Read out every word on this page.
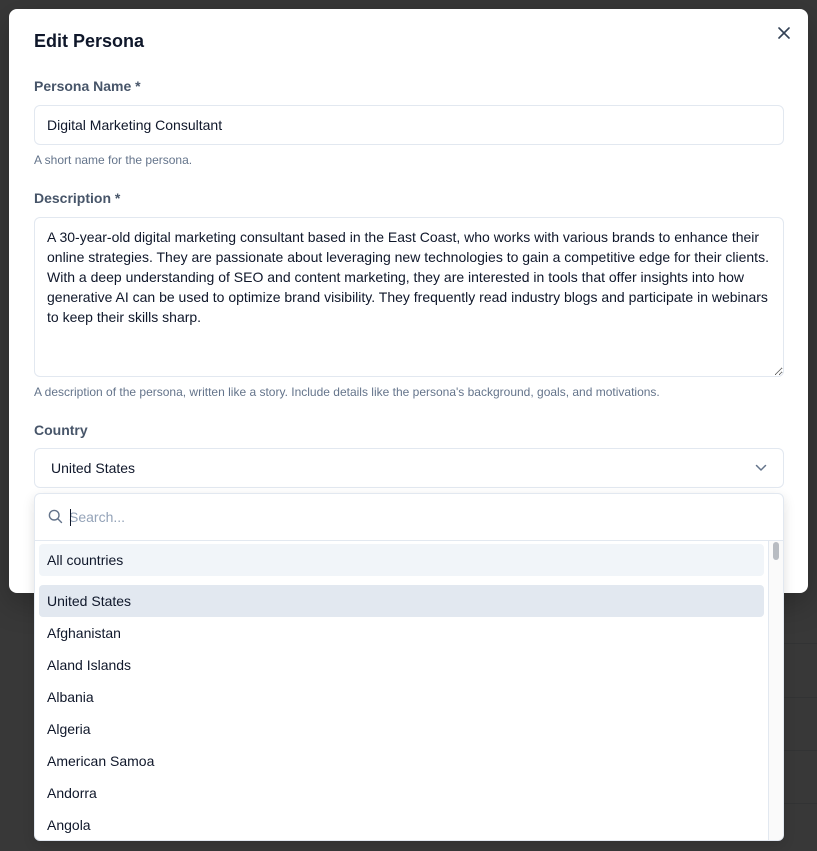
Edit Persona
Persona Name *
Digital Marketing Consultant
A short name for the persona.
Description *
A 30-year-old digital marketing consultant based in the East Coast, who works with various brands to enhance their online strategies. They are passionate about leveraging new technologies to gain a competitive edge for their clients. With a deep understanding of SEO and content marketing, they are interested in tools that offer insights into how generative AI can be used to optimize brand visibility. They frequently read industry blogs and participate in webinars to keep their skills sharp.
A description of the persona, written like a story. Include details like the persona's background, goals, and motivations.
Country
United States
Search...
All countries
United States
Afghanistan
Aland Islands
Albania
Algeria
American Samoa
Andorra
Angola
